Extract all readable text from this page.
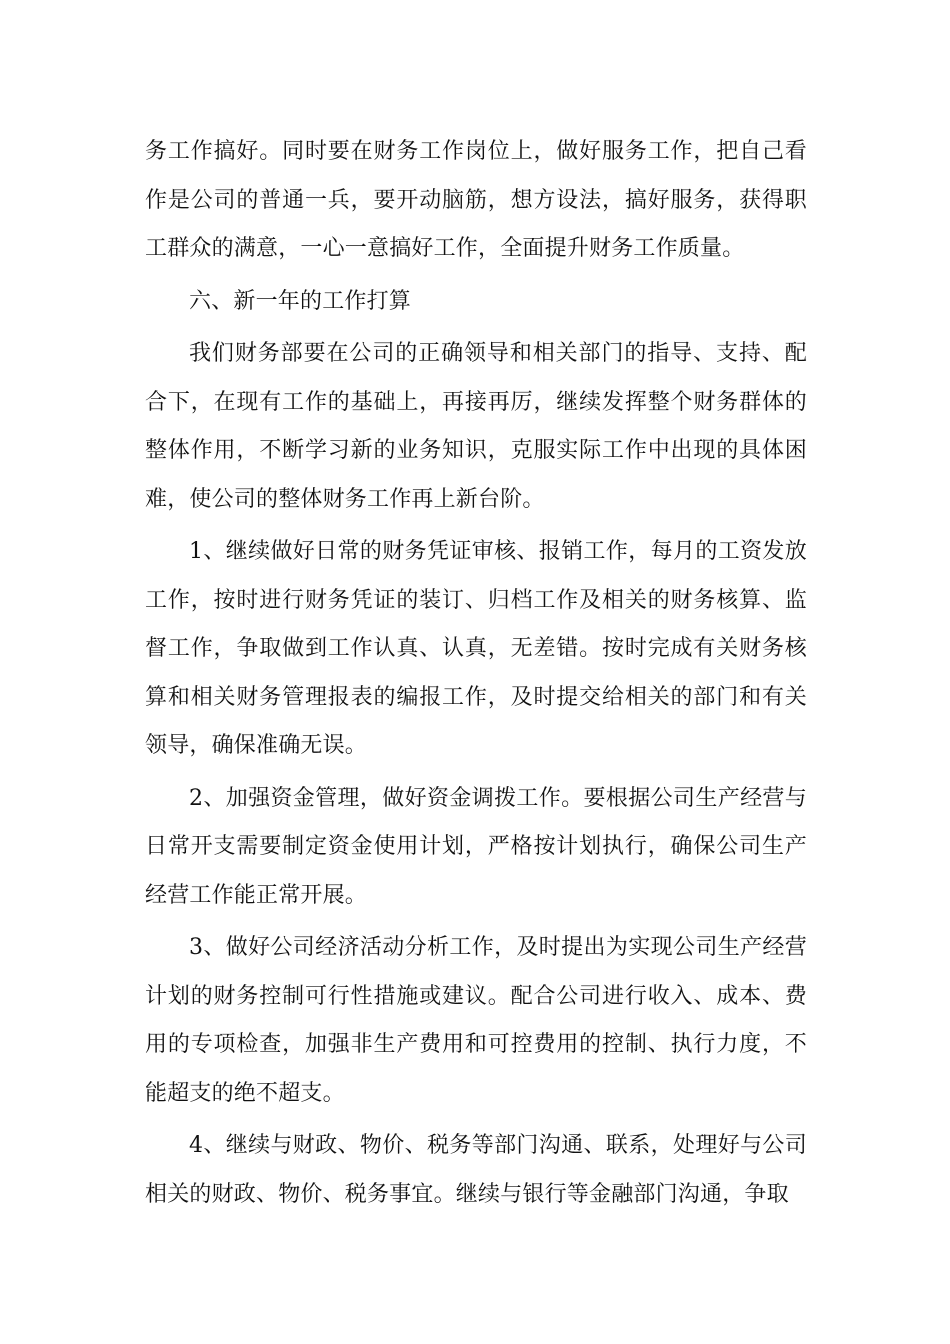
务工作搞好。同时要在财务工作岗位上，做好服务工作，把自己看作是公司的普通一兵，要开动脑筋，想方设法，搞好服务，获得职工群众的满意，一心一意搞好工作，全面提升财务工作质量。

六、新一年的工作打算

我们财务部要在公司的正确领导和相关部门的指导、支持、配合下，在现有工作的基础上，再接再厉，继续发挥整个财务群体的整体作用，不断学习新的业务知识，克服实际工作中出现的具体困难，使公司的整体财务工作再上新台阶。

1、继续做好日常的财务凭证审核、报销工作，每月的工资发放工作，按时进行财务凭证的装订、归档工作及相关的财务核算、监督工作，争取做到工作认真、认真，无差错。按时完成有关财务核算和相关财务管理报表的编报工作，及时提交给相关的部门和有关领导，确保准确无误。

2、加强资金管理，做好资金调拨工作。要根据公司生产经营与日常开支需要制定资金使用计划，严格按计划执行，确保公司生产经营工作能正常开展。

3、做好公司经济活动分析工作，及时提出为实现公司生产经营计划的财务控制可行性措施或建议。配合公司进行收入、成本、费用的专项检查，加强非生产费用和可控费用的控制、执行力度，不能超支的绝不超支。

4、继续与财政、物价、税务等部门沟通、联系，处理好与公司相关的财政、物价、税务事宜。继续与银行等金融部门沟通，争取
